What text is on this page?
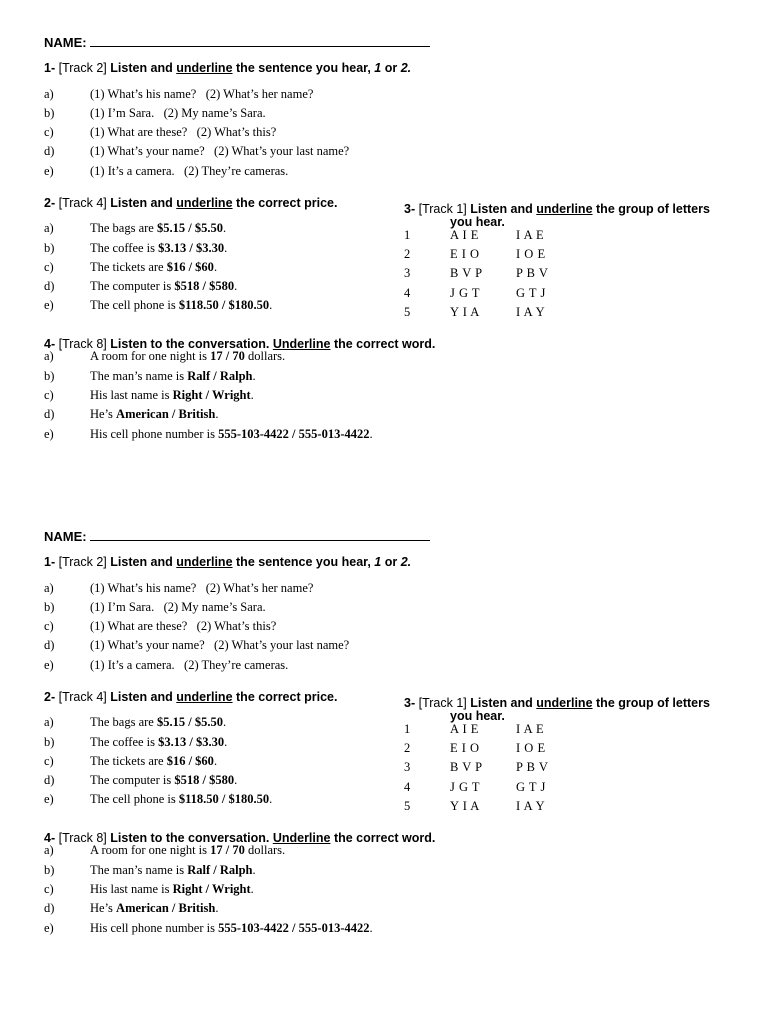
NAME:
1- [Track 2] Listen and underline the sentence you hear, 1 or 2.
a)	(1) What’s his name?   (2) What’s her name?
b)	(1) I’m Sara.   (2) My name’s Sara.
c)	(1) What are these?   (2) What’s this?
d)	(1) What’s your name?   (2) What’s your last name?
e)	(1) It’s a camera.   (2) They’re cameras.
2- [Track 4] Listen and underline the correct price.
a)	The bags are $5.15 / $5.50.
b)	The coffee is $3.13 / $3.30.
c)	The tickets are $16 / $60.
d)	The computer is $518 / $580.
e)	The cell phone is $118.50 / $180.50.
3- [Track 1] Listen and underline the group of letters
you hear.
1	A I E	I A E
2	E I O	I O E
3	B V P	P B V
4	J G T	G T J
5	Y I A	I A Y
4- [Track 8] Listen to the conversation. Underline the correct word.
a)	A room for one night is 17 / 70 dollars.
b)	The man’s name is Ralf / Ralph.
c)	His last name is Right / Wright.
d)	He’s American / British.
e)	His cell phone number is 555-103-4422 / 555-013-4422.
NAME:
1- [Track 2] Listen and underline the sentence you hear, 1 or 2.
a)	(1) What’s his name?   (2) What’s her name?
b)	(1) I’m Sara.   (2) My name’s Sara.
c)	(1) What are these?   (2) What’s this?
d)	(1) What’s your name?   (2) What’s your last name?
e)	(1) It’s a camera.   (2) They’re cameras.
2- [Track 4] Listen and underline the correct price.
a)	The bags are $5.15 / $5.50.
b)	The coffee is $3.13 / $3.30.
c)	The tickets are $16 / $60.
d)	The computer is $518 / $580.
e)	The cell phone is $118.50 / $180.50.
3- [Track 1] Listen and underline the group of letters
you hear.
1	A I E	I A E
2	E I O	I O E
3	B V P	P B V
4	J G T	G T J
5	Y I A	I A Y
4- [Track 8] Listen to the conversation. Underline the correct word.
a)	A room for one night is 17 / 70 dollars.
b)	The man’s name is Ralf / Ralph.
c)	His last name is Right / Wright.
d)	He’s American / British.
e)	His cell phone number is 555-103-4422 / 555-013-4422.
